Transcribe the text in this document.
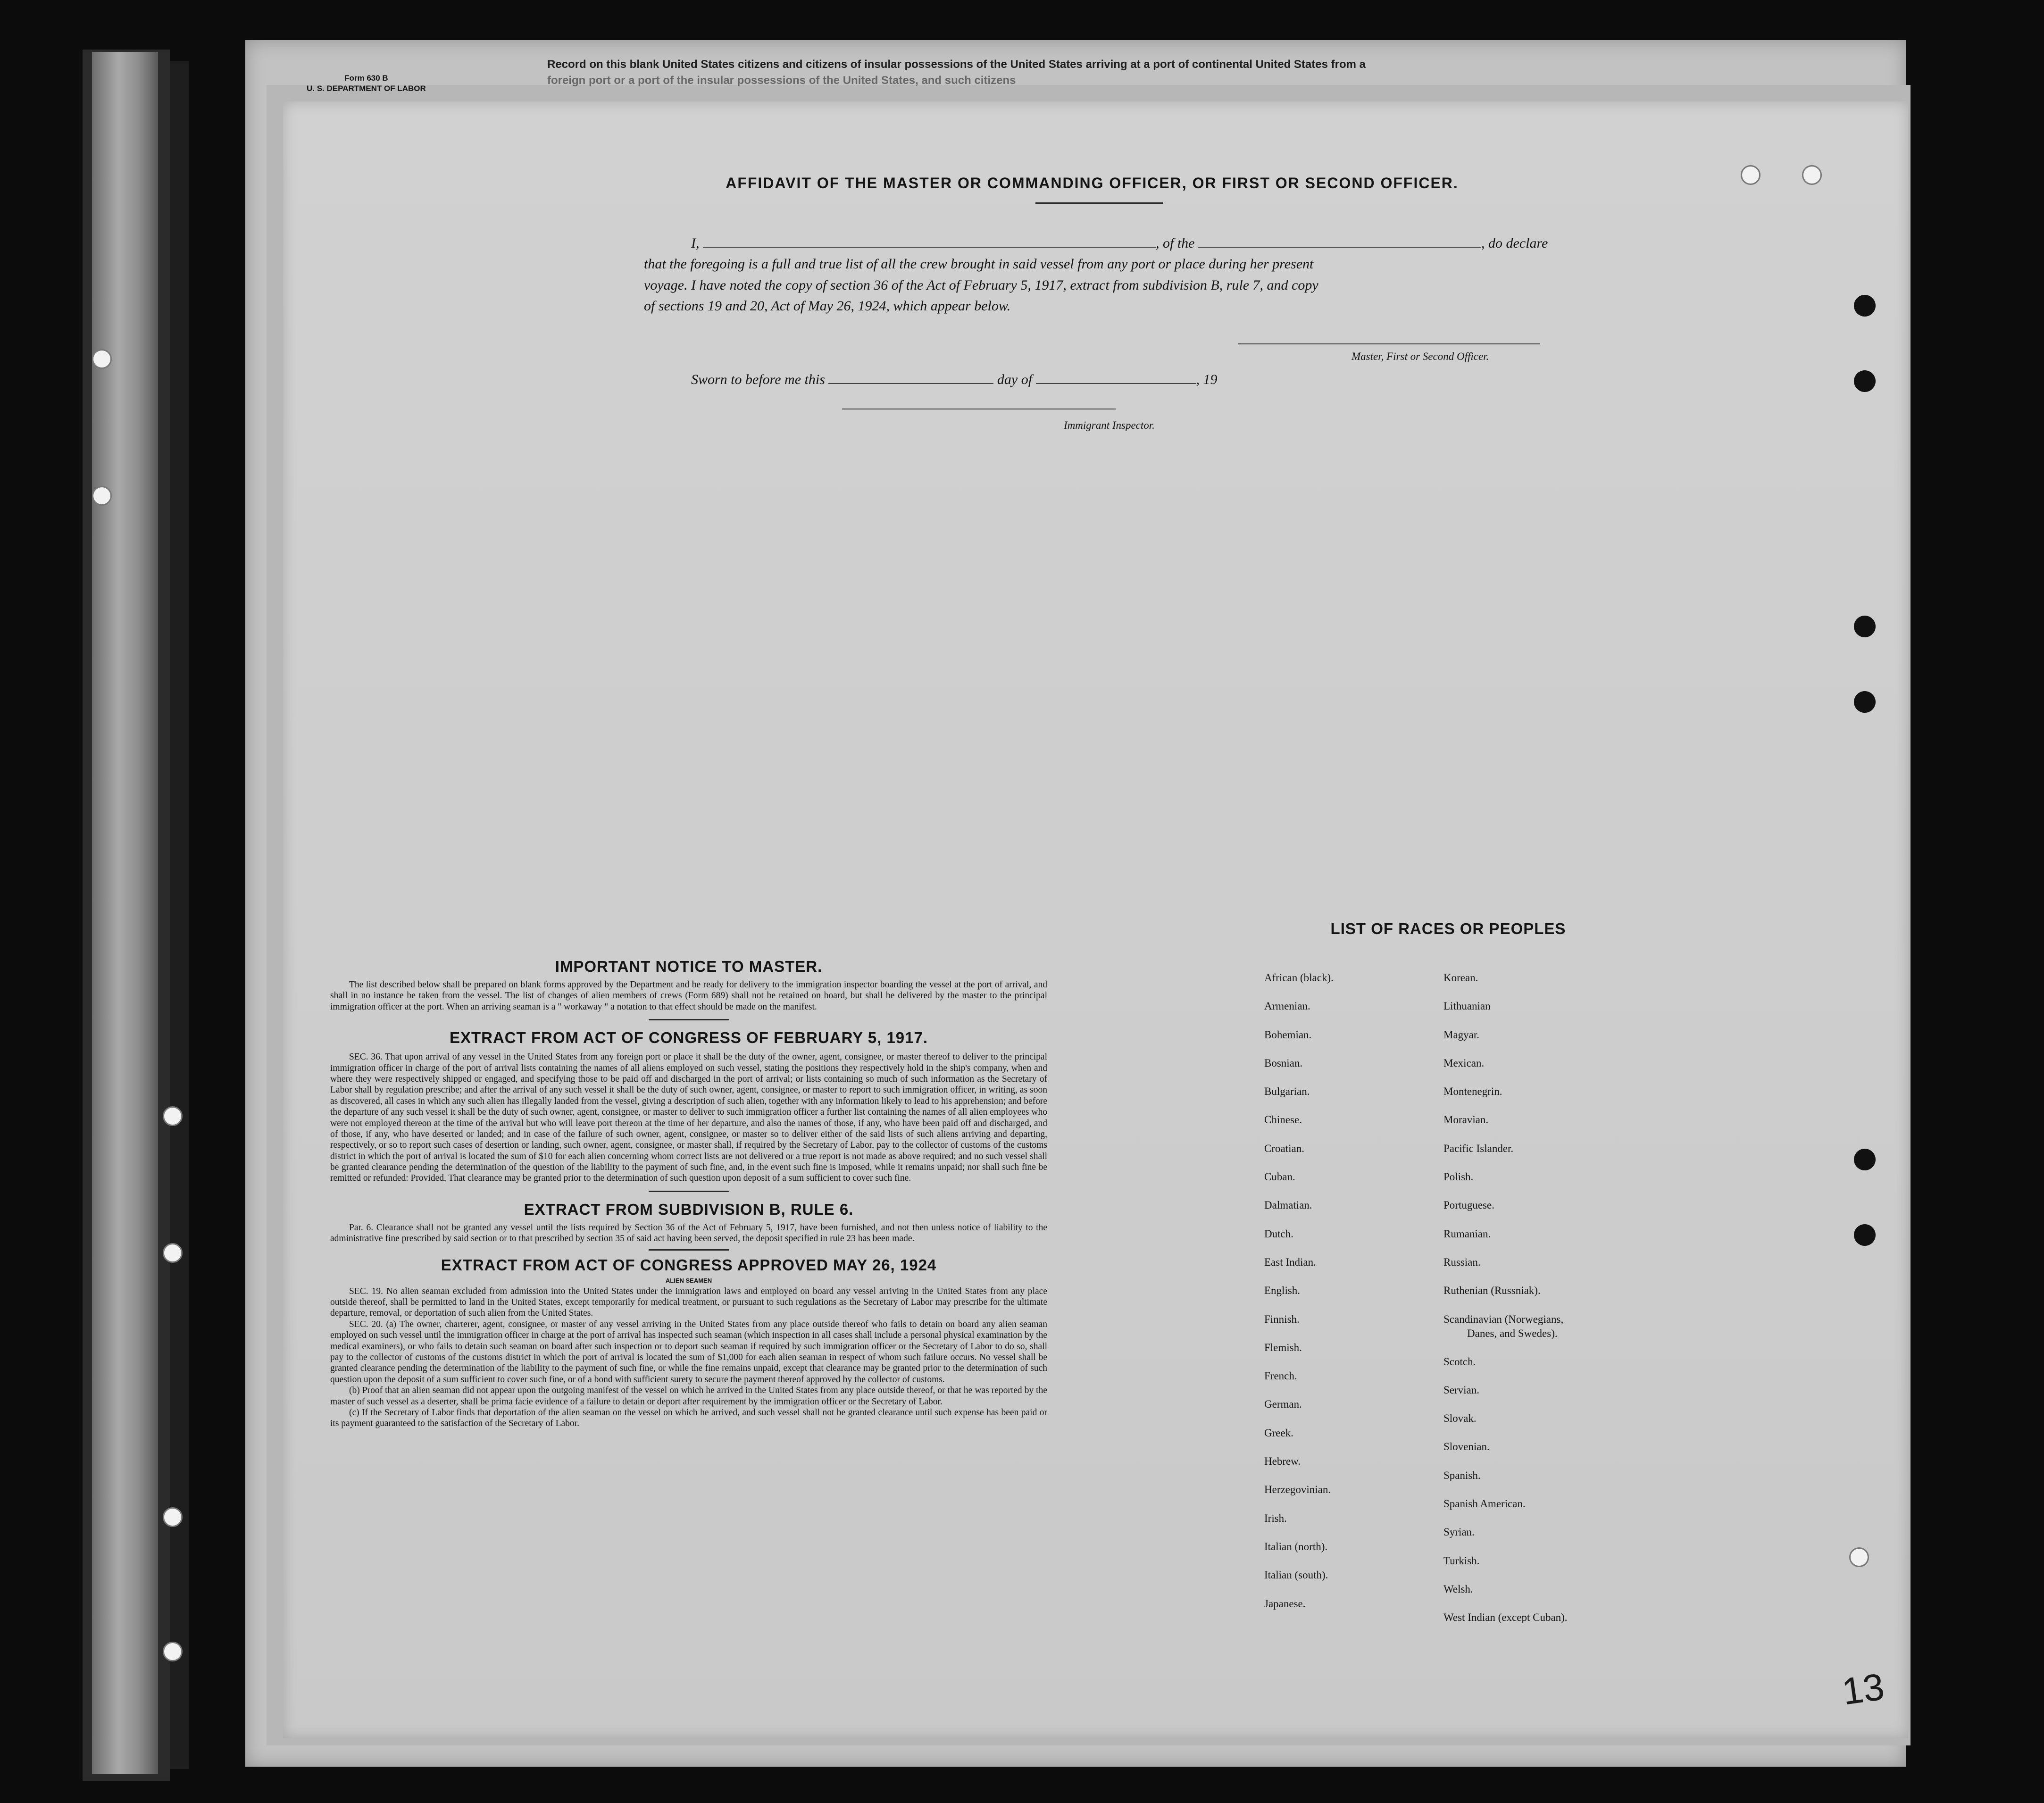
Form 630 B
U. S. DEPARTMENT OF LABOR
Record on this blank United States citizens and citizens of insular possessions of the United States arriving at a port of continental United States from a
foreign port or a port of the insular possessions of the United States, and such citizens
AFFIDAVIT OF THE MASTER OR COMMANDING OFFICER, OR FIRST OR SECOND OFFICER.
I,	, of the	, do declare
that the foregoing is a full and true list of all the crew brought in said vessel from any port or place during her present
voyage. I have noted the copy of section 36 of the Act of February 5, 1917, extract from subdivision B, rule 7, and copy
of sections 19 and 20, Act of May 26, 1924, which appear below.
Master, First or Second Officer.
Sworn to before me this	day of	, 19
Immigrant Inspector.
IMPORTANT NOTICE TO MASTER.

The list described below shall be prepared on blank forms approved by the Department and be ready for delivery to the immigration inspector boarding the vessel at the port of arrival, and shall in no instance be taken from the vessel. The list of changes of alien members of crews (Form 689) shall not be retained on board, but shall be delivered by the master to the principal immigration officer at the port. When an arriving seaman is a " workaway " a notation to that effect should be made on the manifest.

EXTRACT FROM ACT OF CONGRESS OF FEBRUARY 5, 1917.

SEC. 36. That upon arrival of any vessel in the United States from any foreign port or place it shall be the duty of the owner, agent, consignee, or master thereof to deliver to the principal immigration officer in charge of the port of arrival lists containing the names of all aliens employed on such vessel, stating the positions they respectively hold in the ship's company, when and where they were respectively shipped or engaged, and specifying those to be paid off and discharged in the port of arrival; or lists containing so much of such information as the Secretary of Labor shall by regulation prescribe; and after the arrival of any such vessel it shall be the duty of such owner, agent, consignee, or master to report to such immigration officer, in writing, as soon as discovered, all cases in which any such alien has illegally landed from the vessel, giving a description of such alien, together with any information likely to lead to his apprehension; and before the departure of any such vessel it shall be the duty of such owner, agent, consignee, or master to deliver to such immigration officer a further list containing the names of all alien employees who were not employed thereon at the time of the arrival but who will leave port thereon at the time of her departure, and also the names of those, if any, who have been paid off and discharged, and of those, if any, who have deserted or landed; and in case of the failure of such owner, agent, consignee, or master so to deliver either of the said lists of such aliens arriving and departing, respectively, or so to report such cases of desertion or landing, such owner, agent, consignee, or master shall, if required by the Secretary of Labor, pay to the collector of customs of the customs district in which the port of arrival is located the sum of $10 for each alien concerning whom correct lists are not delivered or a true report is not made as above required; and no such vessel shall be granted clearance pending the determination of the question of the liability to the payment of such fine, and, in the event such fine is imposed, while it remains unpaid; nor shall such fine be remitted or refunded: Provided, That clearance may be granted prior to the determination of such question upon deposit of a sum sufficient to cover such fine.

EXTRACT FROM SUBDIVISION B, RULE 6.

Par. 6. Clearance shall not be granted any vessel until the lists required by Section 36 of the Act of February 5, 1917, have been furnished, and not then unless notice of liability to the administrative fine prescribed by said section or to that prescribed by section 35 of said act having been served, the deposit specified in rule 23 has been made.

EXTRACT FROM ACT OF CONGRESS APPROVED MAY 26, 1924
ALIEN SEAMEN

SEC. 19. No alien seaman excluded from admission into the United States under the immigration laws and employed on board any vessel arriving in the United States from any place outside thereof, shall be permitted to land in the United States, except temporarily for medical treatment, or pursuant to such regulations as the Secretary of Labor may prescribe for the ultimate departure, removal, or deportation of such alien from the United States.

SEC. 20. (a) The owner, charterer, agent, consignee, or master of any vessel arriving in the United States from any place outside thereof who fails to detain on board any alien seaman employed on such vessel until the immigration officer in charge at the port of arrival has inspected such seaman (which inspection in all cases shall include a personal physical examination by the medical examiners), or who fails to detain such seaman on board after such inspection or to deport such seaman if required by such immigration officer or the Secretary of Labor to do so, shall pay to the collector of customs of the customs district in which the port of arrival is located the sum of $1,000 for each alien seaman in respect of whom such failure occurs. No vessel shall be granted clearance pending the determination of the liability to the payment of such fine, or while the fine remains unpaid, except that clearance may be granted prior to the determination of such question upon the deposit of a sum sufficient to cover such fine, or of a bond with sufficient surety to secure the payment thereof approved by the collector of customs.

(b) Proof that an alien seaman did not appear upon the outgoing manifest of the vessel on which he arrived in the United States from any place outside thereof, or that he was reported by the master of such vessel as a deserter, shall be prima facie evidence of a failure to detain or deport after requirement by the immigration officer or the Secretary of Labor.

(c) If the Secretary of Labor finds that deportation of the alien seaman on the vessel on which he arrived, and such vessel shall not be granted clearance until such expense has been paid or its payment guaranteed to the satisfaction of the Secretary of Labor.

LIST OF RACES OR PEOPLES
African (black).
Armenian.
Bohemian.
Bosnian.
Bulgarian.
Chinese.
Croatian.
Cuban.
Dalmatian.
Dutch.
East Indian.
English.
Finnish.
Flemish.
French.
German.
Greek.
Hebrew.
Herzegovinian.
Irish.
Italian (north).
Italian (south).
Japanese.
Korean.
Lithuanian
Magyar.
Mexican.
Montenegrin.
Moravian.
Pacific Islander.
Polish.
Portuguese.
Rumanian.
Russian.
Ruthenian (Russniak).
Scandinavian (Norwegians,
Danes, and Swedes).
Scotch.
Servian.
Slovak.
Slovenian.
Spanish.
Spanish American.
Syrian.
Turkish.
Welsh.
West Indian (except Cuban).
13
